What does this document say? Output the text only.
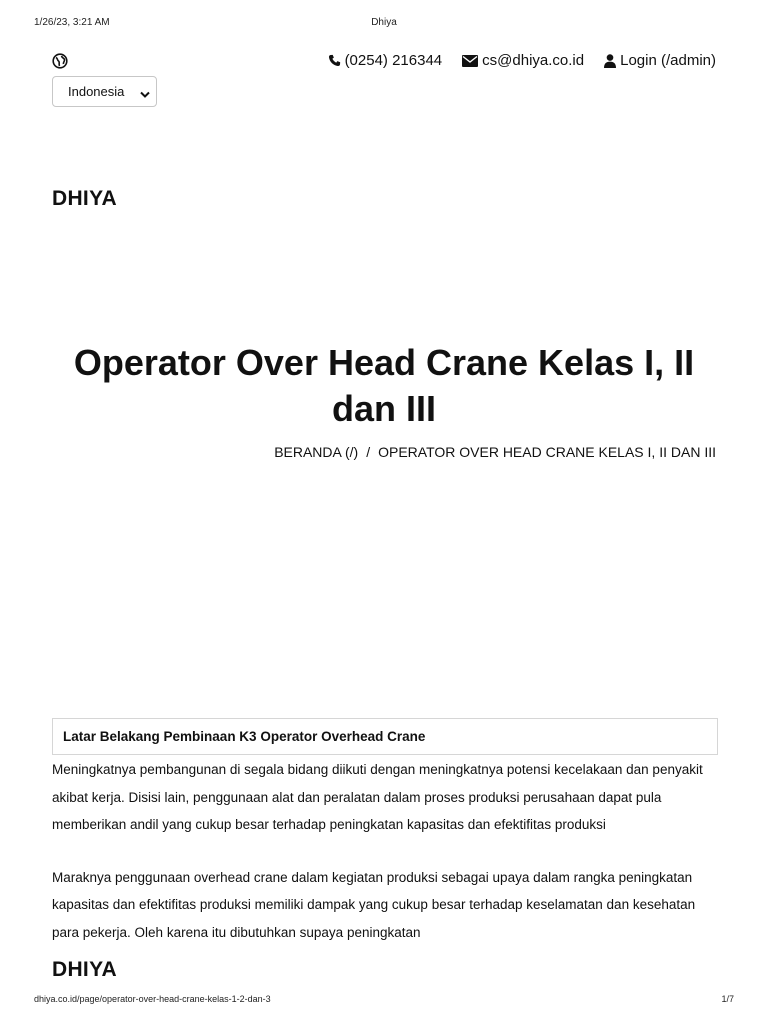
1/26/23, 3:21 AM	Dhiya
(0254) 216344	cs@dhiya.co.id Login (/admin)
Indonesia
DHIYA
Operator Over Head Crane Kelas I, II
dan III
BERANDA (/) / OPERATOR OVER HEAD CRANE KELAS I, II DAN III
Latar Belakang Pembinaan K3 Operator Overhead Crane

Meningkatnya pembangunan di segala bidang diikuti dengan meningkatnya potensi kecelakaan dan penyakit akibat kerja. Disisi lain, penggunaan alat dan peralatan dalam proses produksi perusahaan dapat pula memberikan andil yang cukup besar terhadap peningkatan kapasitas dan efektifitas produksi

Maraknya penggunaan overhead crane dalam kegiatan produksi sebagai upaya dalam rangka peningkatan kapasitas dan efektifitas produksi memiliki dampak yang cukup besar terhadap keselamatan dan kesehatan para pekerja. Oleh karena itu dibutuhkan supaya peningkatan

DHIYA
dhiya.co.id/page/operator-over-head-crane-kelas-1-2-dan-3	1/7
